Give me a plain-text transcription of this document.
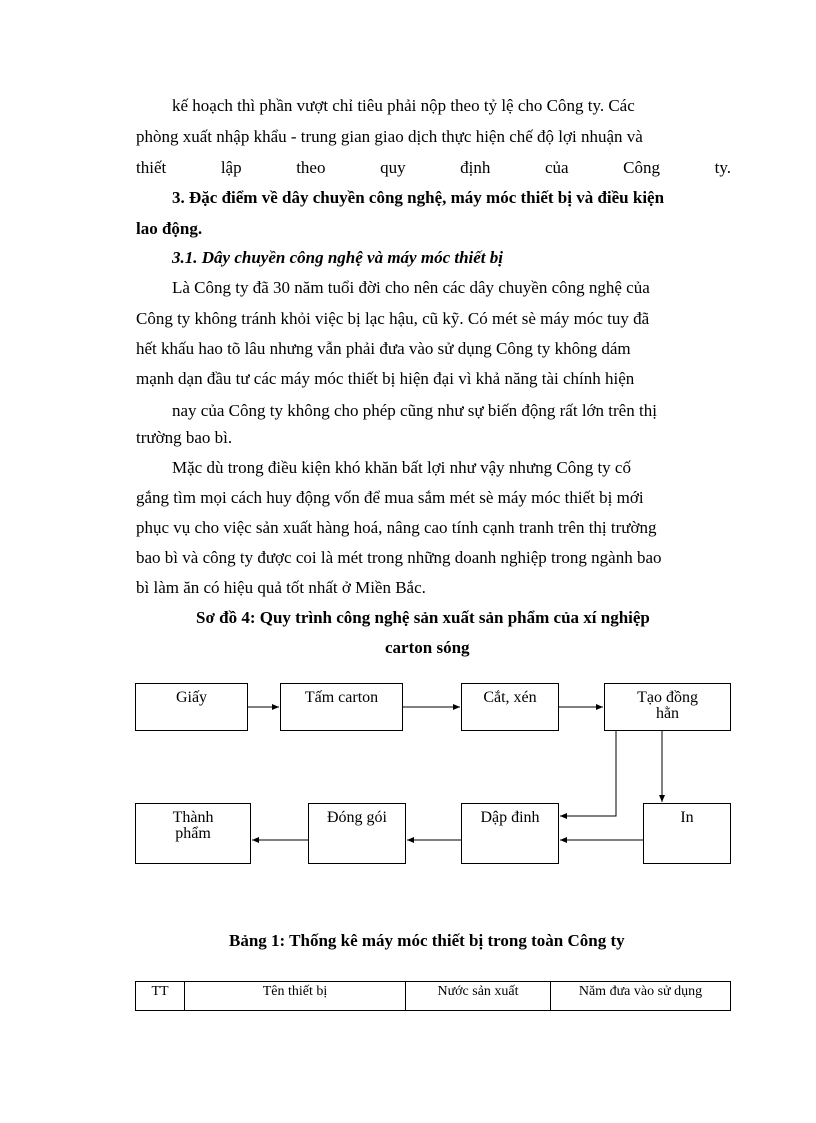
kế hoạch thì phần vượt chỉ tiêu phải nộp theo tỷ lệ cho Công ty. Các
phòng xuất nhập khẩu - trung gian giao dịch thực hiện chế độ lợi nhuận và
thiết	lập	theo	quy	định	của	Công	ty.
3. Đặc điểm về dây chuyền công nghệ, máy móc thiết bị và điều kiện
lao động.
3.1. Dây chuyền công nghệ và máy móc thiết bị
Là Công ty đã 30 năm tuổi đời cho nên các dây chuyền công nghệ của
Công ty không tránh khỏi việc bị lạc hậu, cũ kỹ. Có mét sè máy móc tuy đã
hết khấu hao tõ lâu nhưng vẫn phải đưa vào sử dụng Công ty không dám
mạnh dạn đầu tư các máy móc thiết bị hiện đại vì khả năng tài chính hiện
nay của Công ty không cho phép cũng như sự biến động rất lớn trên thị
trường bao bì.
Mặc dù trong điều kiện khó khăn bất lợi như vậy nhưng Công ty cố
gắng tìm mọi cách huy động vốn để mua sắm mét sè máy móc thiết bị mới
phục vụ cho việc sản xuất hàng hoá, nâng cao tính cạnh tranh trên thị trường
bao bì và công ty được coi là mét trong những doanh nghiệp trong ngành bao
bì làm ăn có hiệu quả tốt nhất ở Miền Bắc.
Sơ đồ 4: Quy trình công nghệ sản xuất sản phẩm của xí nghiệp
carton sóng
Giấy	Tấm carton	Cắt, xén	Tạo đồng
hằn
In
Dập đinh
Đóng gói
Thành
phẩm
Bảng 1: Thống kê máy móc thiết bị trong toàn Công ty
TT	Tên thiết bị	Nước sản xuất	Năm đưa vào sử dụng
